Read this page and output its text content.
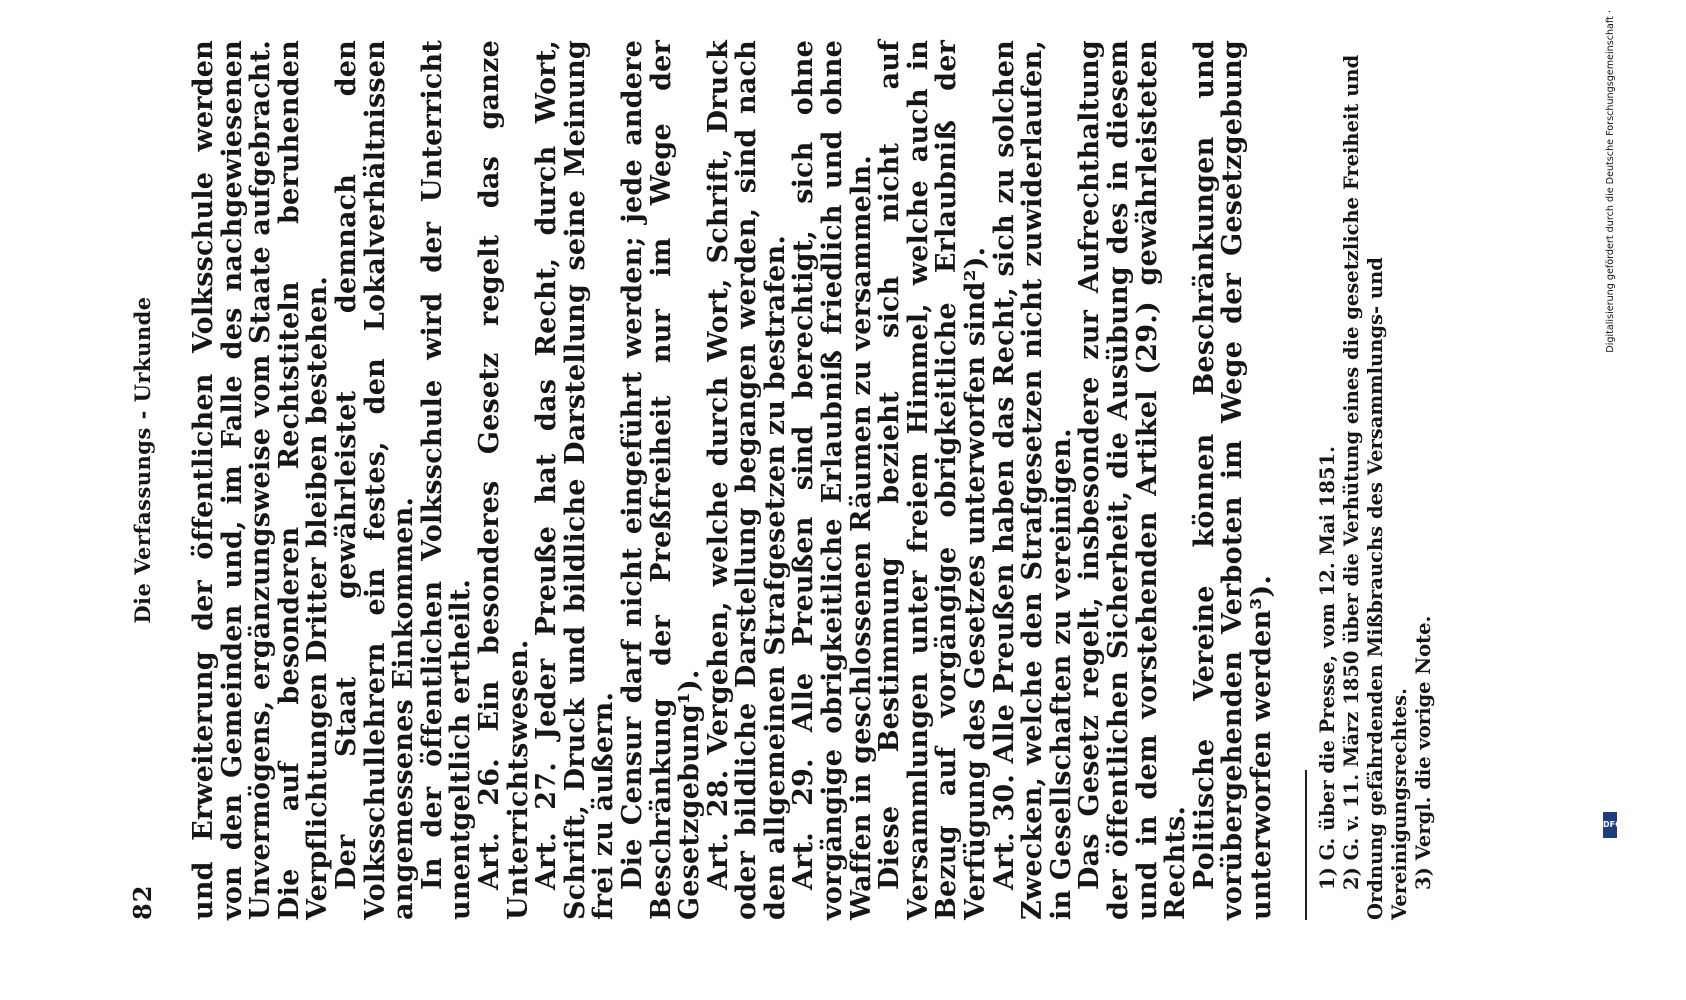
82
Die Verfassungs - Urkunde und Erweiterung der öffentlichen Volksschule werden von den Gemeinden und, im Falle des nachgewiesenen Unvermögens, ergänzungsweise vom Staate aufgebracht. Die auf besonderen Rechtstiteln beruhenden Verpflichtungen Dritter bleiben bestehen.

Der Staat gewährleistet demnach den Volksschullehrern ein festes, den Lokalverhältnissen angemessenes Einkommen.

In der öffentlichen Volksschule wird der Unterricht unentgeltlich ertheilt.

Art. 26. Ein besonderes Gesetz regelt das ganze Unterrichtswesen.

Art. 27. Jeder Preuße hat das Recht, durch Wort, Schrift, Druck und bildliche Darstellung seine Meinung frei zu äußern.

Die Censur darf nicht eingeführt werden; jede andere Beschränkung der Preßfreiheit nur im Wege der Gesetzgebung¹).

Art. 28. Vergehen, welche durch Wort, Schrift, Druck oder bildliche Darstellung begangen werden, sind nach den allgemeinen Strafgesetzen zu bestrafen.

Art. 29. Alle Preußen sind berechtigt, sich ohne vorgängige obrigkeitliche Erlaubniß friedlich und ohne Waffen in geschlossenen Räumen zu versammeln.

Diese Bestimmung bezieht sich nicht auf Versammlungen unter freiem Himmel, welche auch in Bezug auf vorgängige obrigkeitliche Erlaubniß der Verfügung des Gesetzes unterworfen sind²).

Art. 30. Alle Preußen haben das Recht, sich zu solchen Zwecken, welche den Strafgesetzen nicht zuwiderlaufen, in Gesellschaften zu vereinigen.

Das Gesetz regelt, insbesondere zur Aufrechthaltung der öffentlichen Sicherheit, die Ausübung des in diesem und in dem vorstehenden Artikel (29.) gewährleisteten Rechts.

Politische Vereine können Beschränkungen und vorübergehenden Verboten im Wege der Gesetzgebung unterworfen werden³). 1) G. über die Presse, vom 12. Mai 1851. 2) G. v. 11. März 1850 über die Verhütung eines die gesetzliche Freiheit und Ordnung gefährdenden Mißbrauchs des Versammlungs- und Vereinigungsrechtes. 3) Vergl. die vorige Note.

Digitalisierung gefördert durch die Deutsche Forschungsgemeinschaft ·
DFG
